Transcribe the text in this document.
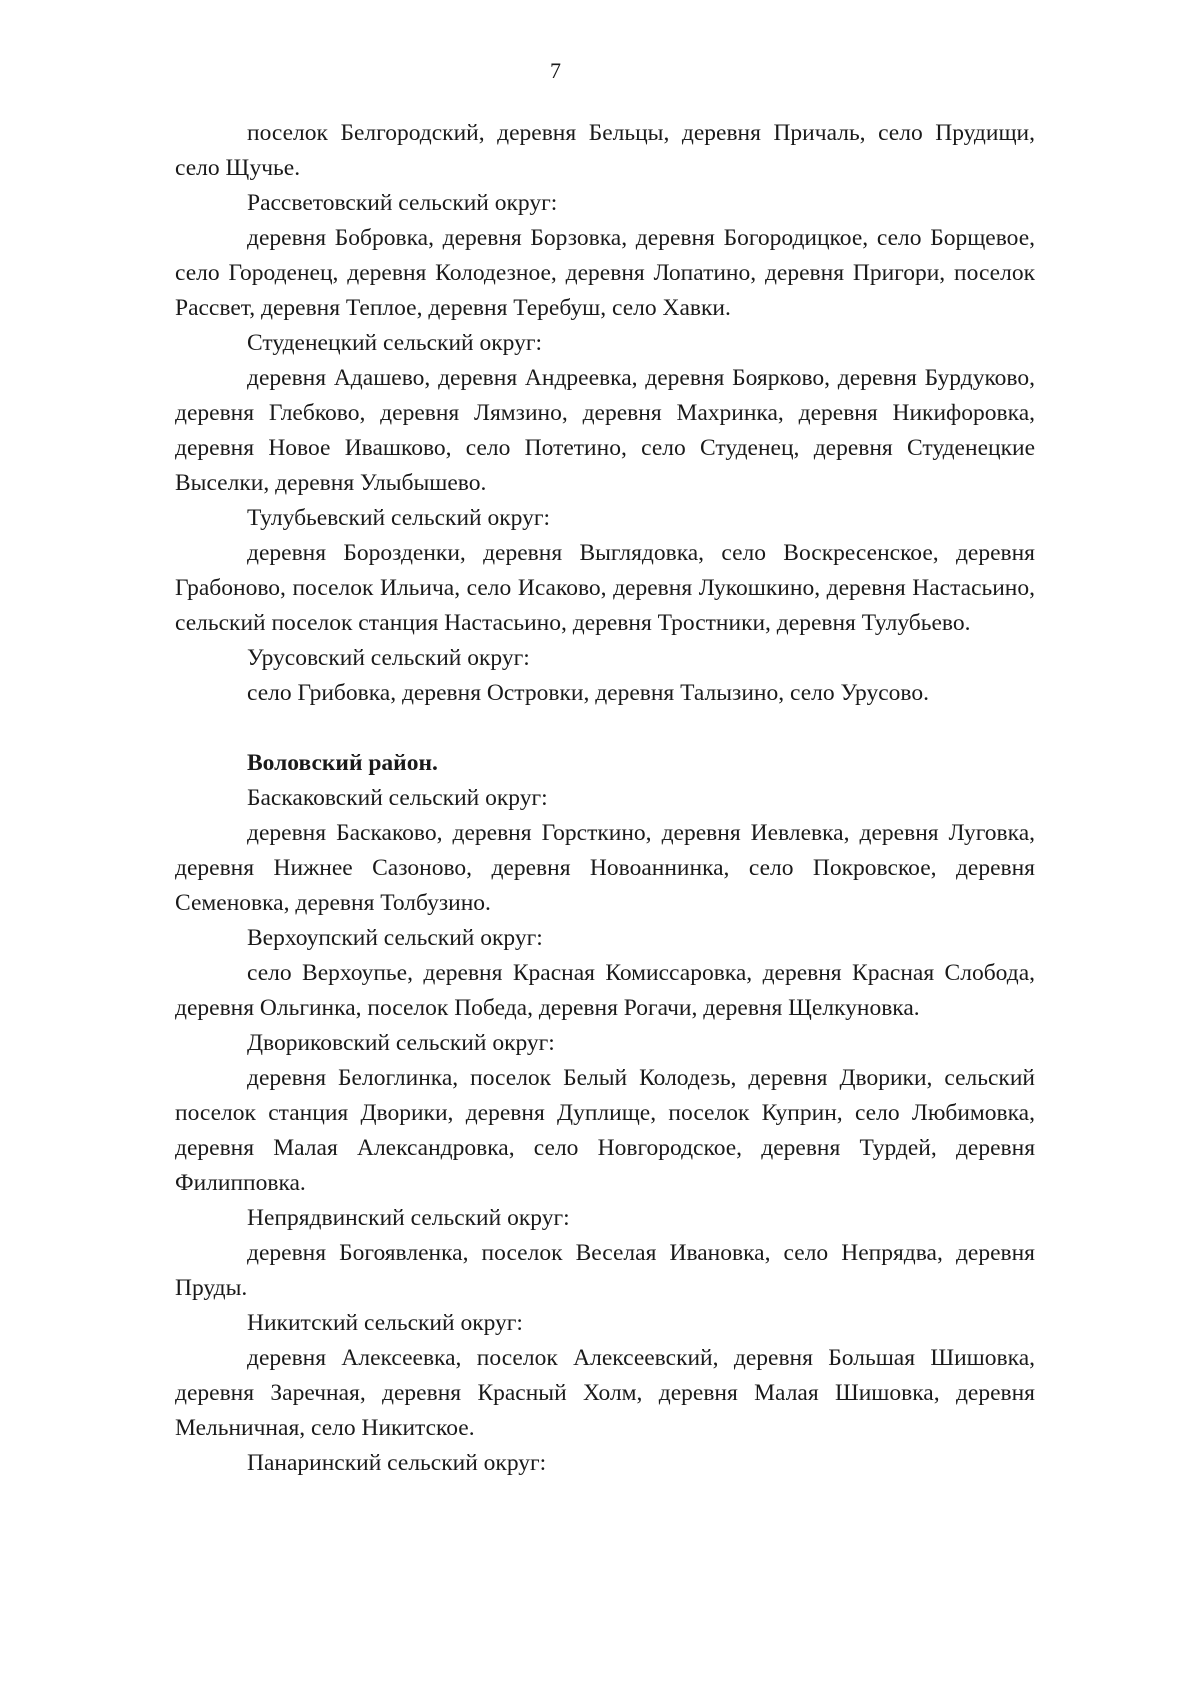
7

поселок Белгородский, деревня Бельцы, деревня Причаль, село Прудищи, село Щучье.

Рассветовский сельский округ:

деревня Бобровка, деревня Борзовка, деревня Богородицкое, село Борщевое, село Городенец, деревня Колодезное, деревня Лопатино, деревня Пригори, поселок Рассвет, деревня Теплое, деревня Теребуш, село Хавки.

Студенецкий сельский округ:

деревня Адашево, деревня Андреевка, деревня Боярково, деревня Бурдуково, деревня Глебково, деревня Лямзино, деревня Махринка, деревня Никифоровка, деревня Новое Ивашково, село Потетино, село Студенец, деревня Студенецкие Выселки, деревня Улыбышево.

Тулубьевский сельский округ:

деревня Борозденки, деревня Выглядовка, село Воскресенское, деревня Грабоново, поселок Ильича, село Исаково, деревня Лукошкино, деревня Настасьино, сельский поселок станция Настасьино, деревня Тростники, деревня Тулубьево.

Урусовский сельский округ:

село Грибовка, деревня Островки, деревня Талызино, село Урусово.

Воловский район.

Баскаковский сельский округ:

деревня Баскаково, деревня Горсткино, деревня Иевлевка, деревня Луговка, деревня Нижнее Сазоново, деревня Новоаннинка, село Покровское, деревня Семеновка, деревня Толбузино.

Верхоупский сельский округ:

село Верхоупье, деревня Красная Комиссаровка, деревня Красная Слобода, деревня Ольгинка, поселок Победа, деревня Рогачи, деревня Щелкуновка.

Двориковский сельский округ:

деревня Белоглинка, поселок Белый Колодезь, деревня Дворики, сельский поселок станция Дворики, деревня Дуплище, поселок Куприн, село Любимовка, деревня Малая Александровка, село Новгородское, деревня Турдей, деревня Филипповка.

Непрядвинский сельский округ:

деревня Богоявленка, поселок Веселая Ивановка, село Непрядва, деревня Пруды.

Никитский сельский округ:

деревня Алексеевка, поселок Алексеевский, деревня Большая Шишовка, деревня Заречная, деревня Красный Холм, деревня Малая Шишовка, деревня Мельничная, село Никитское.

Панаринский сельский округ:
